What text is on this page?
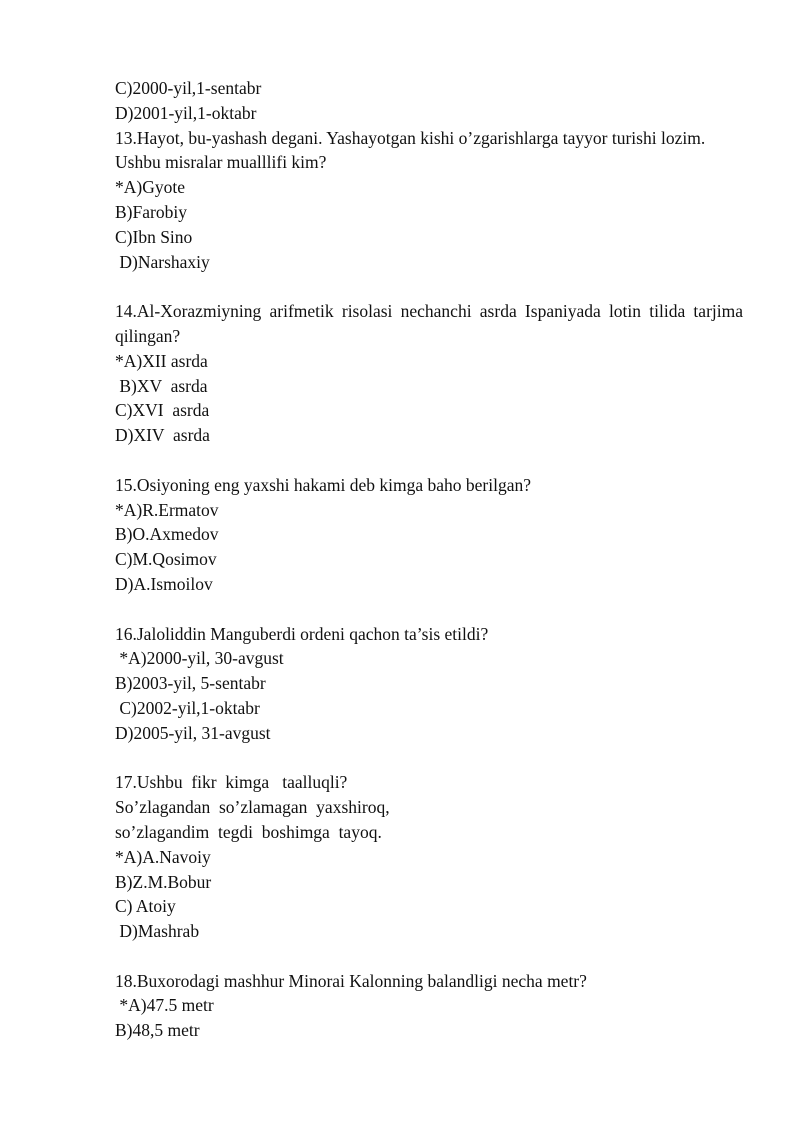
C)2000-yil,1-sentabr
D)2001-yil,1-oktabr
13.Hayot, bu-yashash degani. Yashayotgan kishi o’zgarishlarga tayyor turishi lozim. Ushbu misralar mualllifi kim?
*A)Gyote
B)Farobiy
C)Ibn Sino
D)Narshaxiy
14.Al-Xorazmiyning arifmetik risolasi nechanchi asrda Ispaniyada lotin tilida tarjima qilingan?
*A)XII asrda
B)XV  asrda
C)XVI  asrda
D)XIV  asrda
15.Osiyoning eng yaxshi hakami deb kimga baho berilgan?
*A)R.Ermatov
B)O.Axmedov
C)M.Qosimov
D)A.Ismoilov
16.Jaloliddin Manguberdi ordeni qachon ta’sis etildi?
*A)2000-yil, 30-avgust
B)2003-yil, 5-sentabr
C)2002-yil,1-oktabr
D)2005-yil, 31-avgust
17.Ushbu  fikr  kimga   taalluqli?
So’zlagandan  so’zlamagan  yaxshiroq,
so’zlagandim  tegdi  boshimga  tayoq.
*A)A.Navoiy
B)Z.M.Bobur
C) Atoiy
D)Mashrab
18.Buxorodagi mashhur Minorai Kalonning balandligi necha metr?
*A)47.5 metr
B)48,5 metr
